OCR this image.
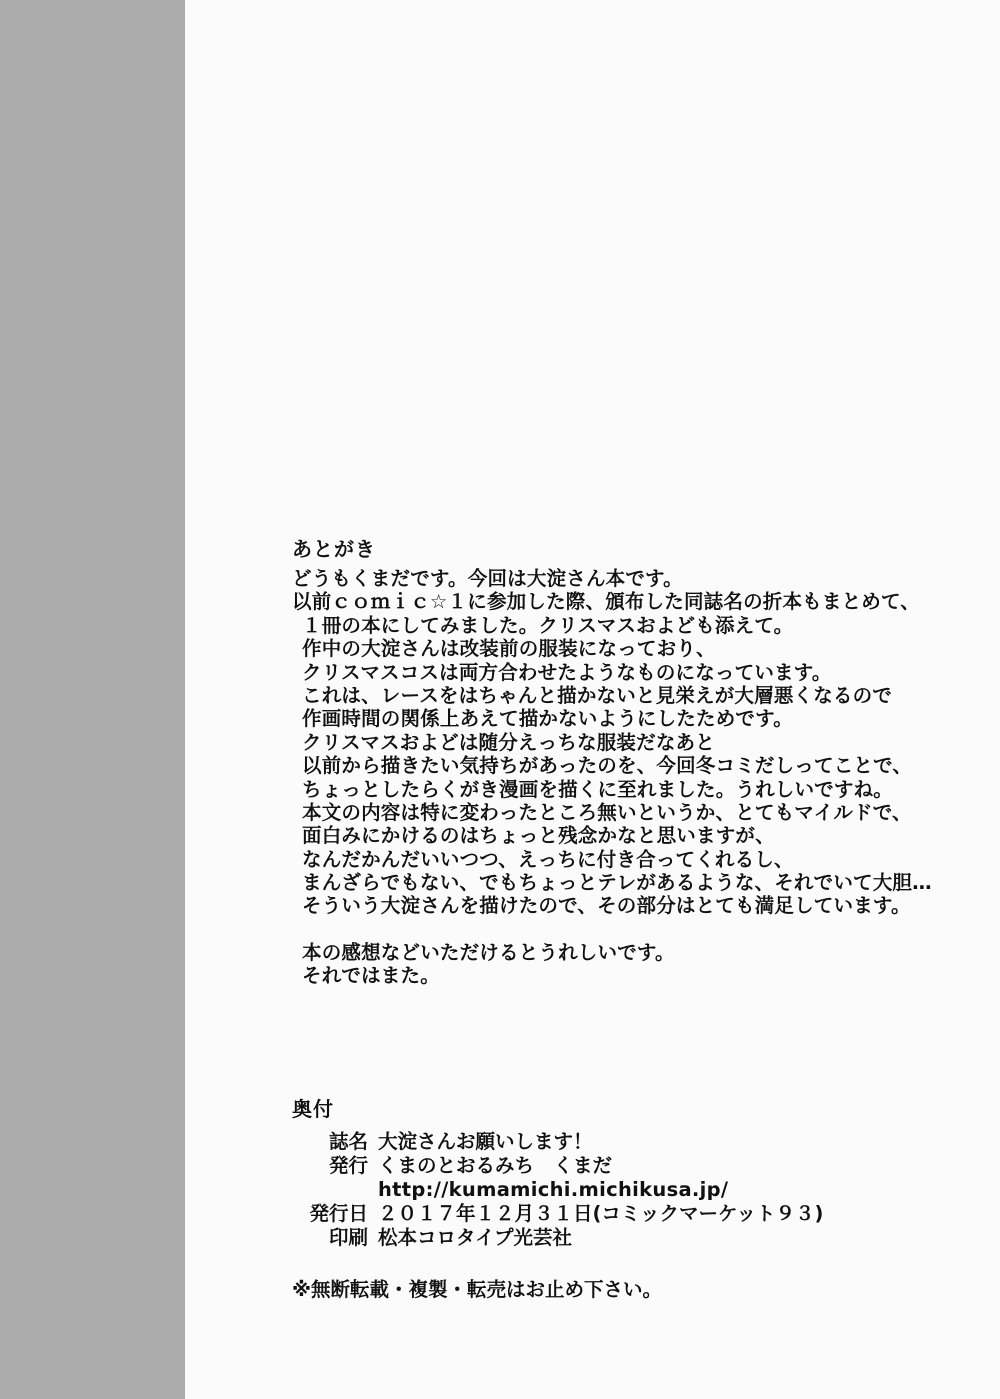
あとがき
どうもくまだです。今回は大淀さん本です。
以前ｃｏｍｉｃ☆１に参加した際、頒布した同誌名の折本もまとめて、
１冊の本にしてみました。クリスマスおよども添えて。
作中の大淀さんは改装前の服装になっており、
クリスマスコスは両方合わせたようなものになっています。
これは、レースをはちゃんと描かないと見栄えが大層悪くなるので
作画時間の関係上あえて描かないようにしたためです。
クリスマスおよどは随分えっちな服装だなあと
以前から描きたい気持ちがあったのを、今回冬コミだしってことで、
ちょっとしたらくがき漫画を描くに至れました。うれしいですね。
本文の内容は特に変わったところ無いというか、とてもマイルドで、
面白みにかけるのはちょっと残念かなと思いますが、
なんだかんだいいつつ、えっちに付き合ってくれるし、
まんざらでもない、でもちょっとテレがあるような、それでいて大胆…
そういう大淀さんを描けたので、その部分はとても満足しています。
本の感想などいただけるとうれしいです。
それではまた。
奥付
誌名 大淀さんお願いします！
発行 くまのとおるみち　くまだ
http://kumamichi.michikusa.jp/
発行日 ２０１７年１２月３１日(コミックマーケット９３)
印刷 松本コロタイプ光芸社
※無断転載・複製・転売はお止め下さい。
